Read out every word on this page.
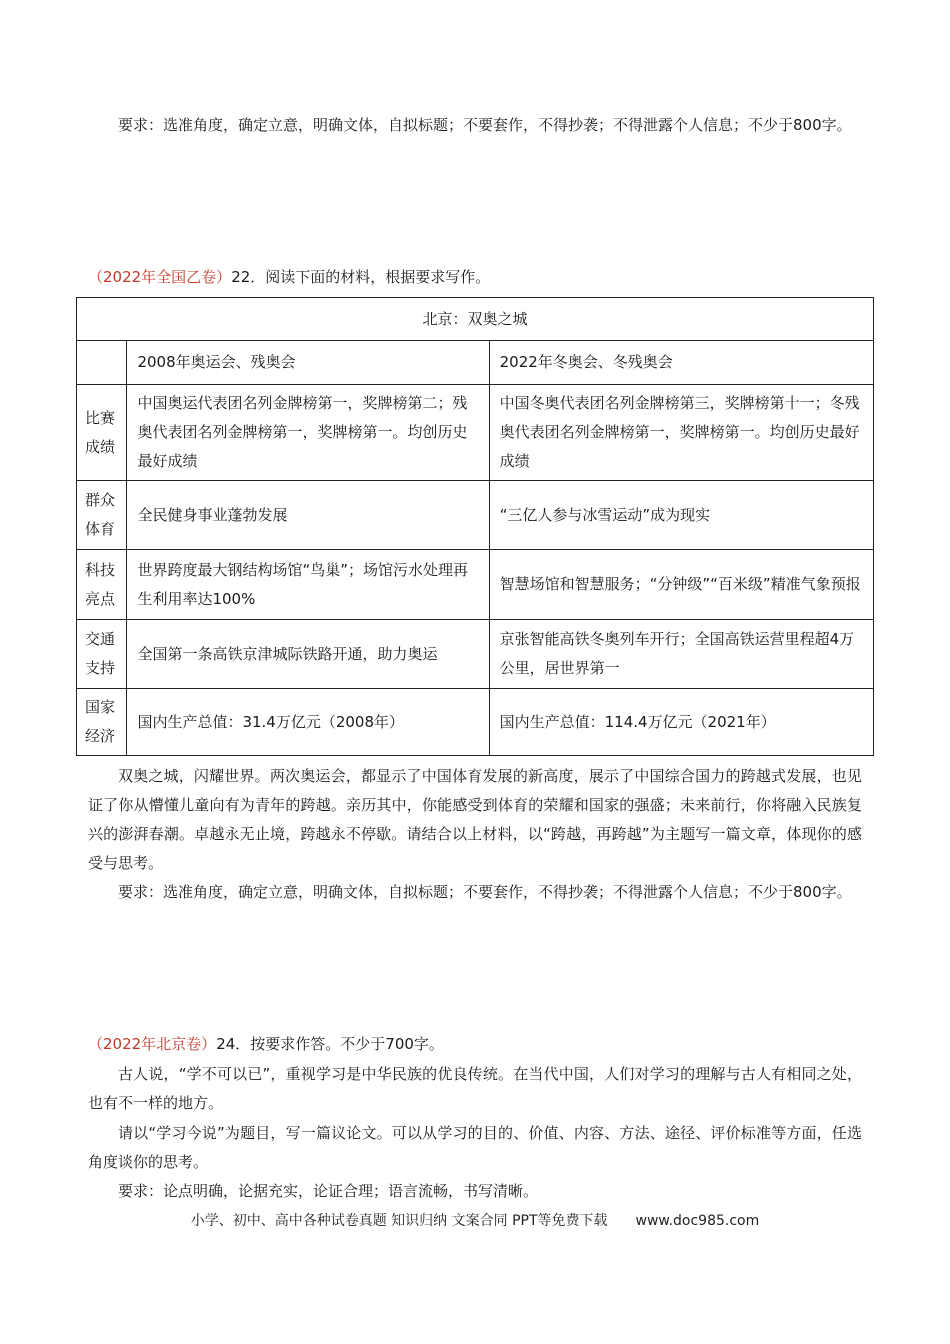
要求：选准角度，确定立意，明确文体，自拟标题；不要套作，不得抄袭；不得泄露个人信息；不少于800字。

（2022年全国乙卷）22．阅读下面的材料，根据要求写作。

北京：双奥之城		
	2008年奥运会、残奥会	2022年冬奥会、冬残奥会
比赛成绩	中国奥运代表团名列金牌榜第一，奖牌榜第二；残奥代表团名列金牌榜第一，奖牌榜第一。均创历史最好成绩	中国冬奥代表团名列金牌榜第三，奖牌榜第十一；冬残奥代表团名列金牌榜第一，奖牌榜第一。均创历史最好成绩
群众体育	全民健身事业蓬勃发展	“三亿人参与冰雪运动”成为现实
科技亮点	世界跨度最大钢结构场馆“鸟巢”；场馆污水处理再生利用率达100%	智慧场馆和智慧服务；“分钟级”“百米级”精准气象预报
交通支持	全国第一条高铁京津城际铁路开通，助力奥运	京张智能高铁冬奥列车开行；全国高铁运营里程超4万公里，居世界第一
国家经济	国内生产总值：31.4万亿元（2008年）	国内生产总值：114.4万亿元（2021年）

双奥之城，闪耀世界。两次奥运会，都显示了中国体育发展的新高度，展示了中国综合国力的跨越式发展，也见证了你从懵懂儿童向有为青年的跨越。亲历其中，你能感受到体育的荣耀和国家的强盛；未来前行，你将融入民族复兴的澎湃春潮。卓越永无止境，跨越永不停歇。请结合以上材料，以“跨越，再跨越”为主题写一篇文章，体现你的感受与思考。

要求：选准角度，确定立意，明确文体，自拟标题；不要套作，不得抄袭；不得泄露个人信息；不少于800字。

（2022年北京卷）24．按要求作答。不少于700字。

古人说，“学不可以已”，重视学习是中华民族的优良传统。在当代中国，人们对学习的理解与古人有相同之处，也有不一样的地方。

请以“学习今说”为题目，写一篇议论文。可以从学习的目的、价值、内容、方法、途径、评价标准等方面，任选角度谈你的思考。

要求：论点明确，论据充实，论证合理；语言流畅，书写清晰。

小学、初中、高中各种试卷真题 知识归纳 文案合同 PPT等免费下载 www.doc985.com
